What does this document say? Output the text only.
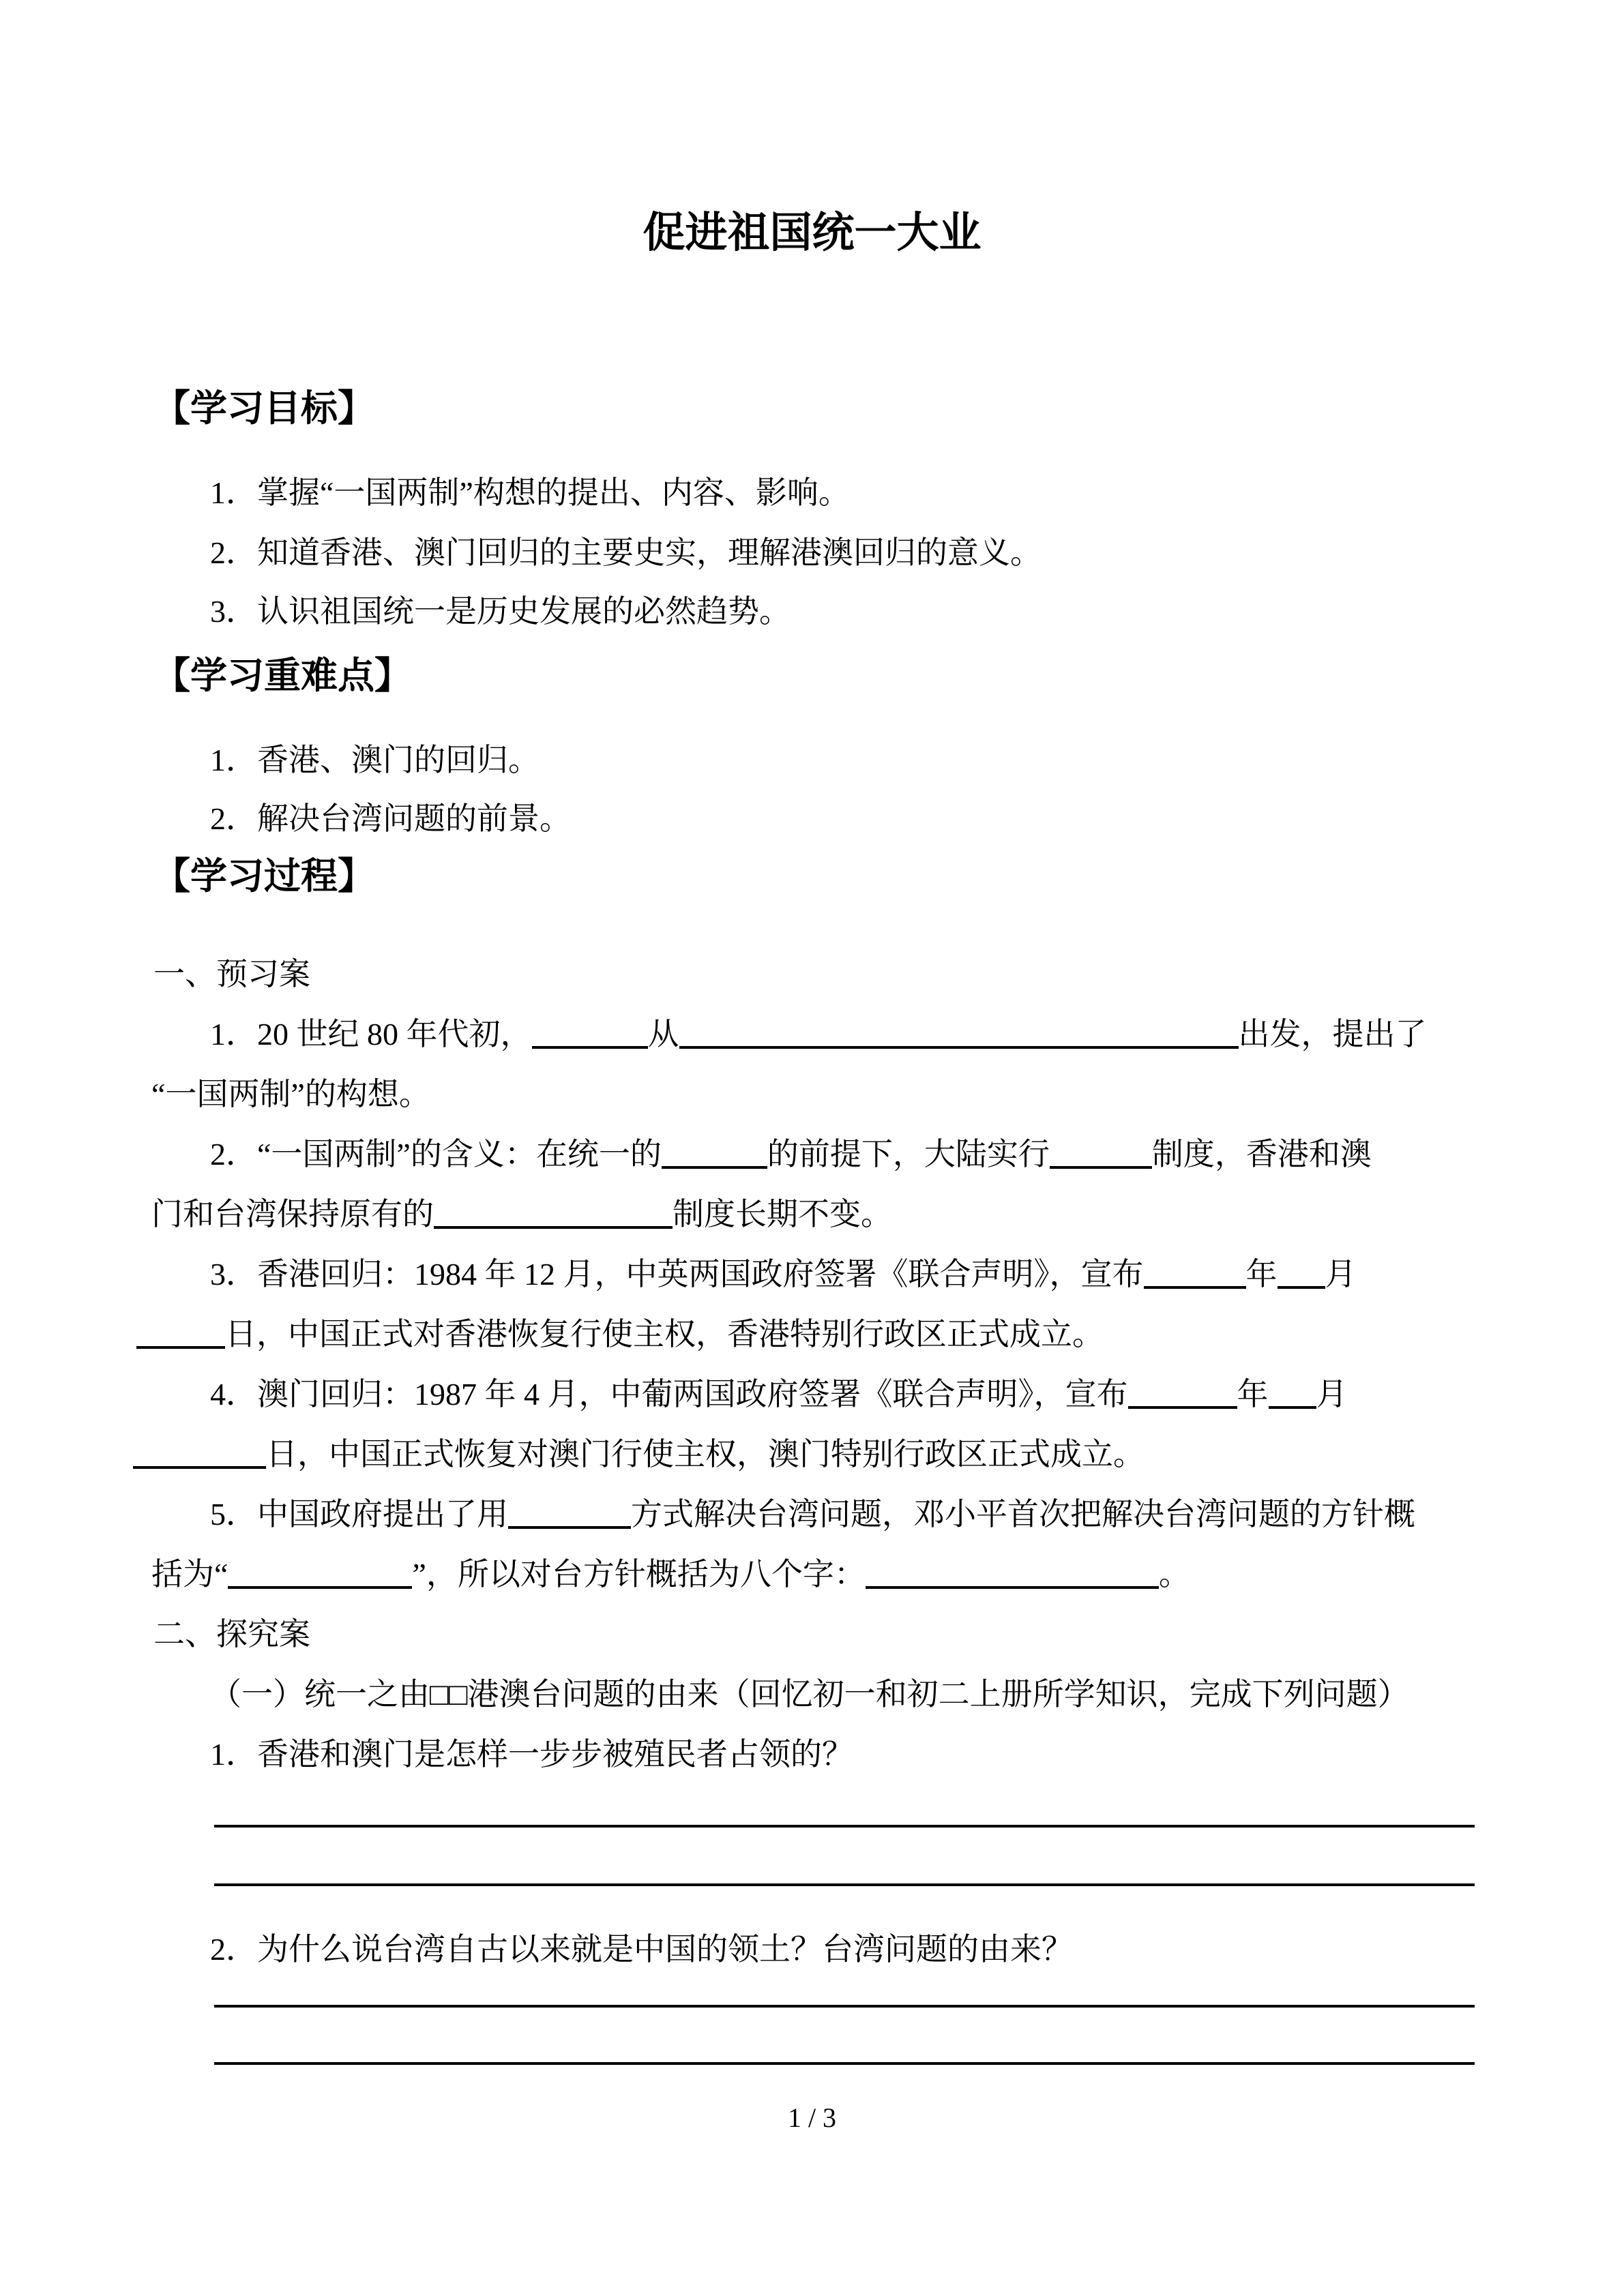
促进祖国统一大业
【学习目标】
1．掌握“一国两制”构想的提出、内容、影响。
2．知道香港、澳门回归的主要史实，理解港澳回归的意义。
3．认识祖国统一是历史发展的必然趋势。
【学习重难点】
1．香港、澳门的回归。
2．解决台湾问题的前景。
【学习过程】
一、预习案
1．20 世纪 80 年代初，	从	出发，提出了
“一国两制”的构想。
2．“一国两制”的含义：在统一的	的前提下，大陆实行	制度，香港和澳
门和台湾保持原有的	制度长期不变。
3．香港回归：1984 年 12 月，中英两国政府签署《联合声明》，宣布	年 月
日，中国正式对香港恢复行使主权，香港特别行政区正式成立。
4．澳门回归：1987 年 4 月，中葡两国政府签署《联合声明》，宣布	年 月
日，中国正式恢复对澳门行使主权，澳门特别行政区正式成立。
5．中国政府提出了用	方式解决台湾问题，邓小平首次把解决台湾问题的方针概
括为“	”，所以对台方针概括为八个字：	。
二、探究案
（一）统一之由□□港澳台问题的由来（回忆初一和初二上册所学知识，完成下列问题）
1．香港和澳门是怎样一步步被殖民者占领的？
2．为什么说台湾自古以来就是中国的领土？台湾问题的由来？
1 / 3
